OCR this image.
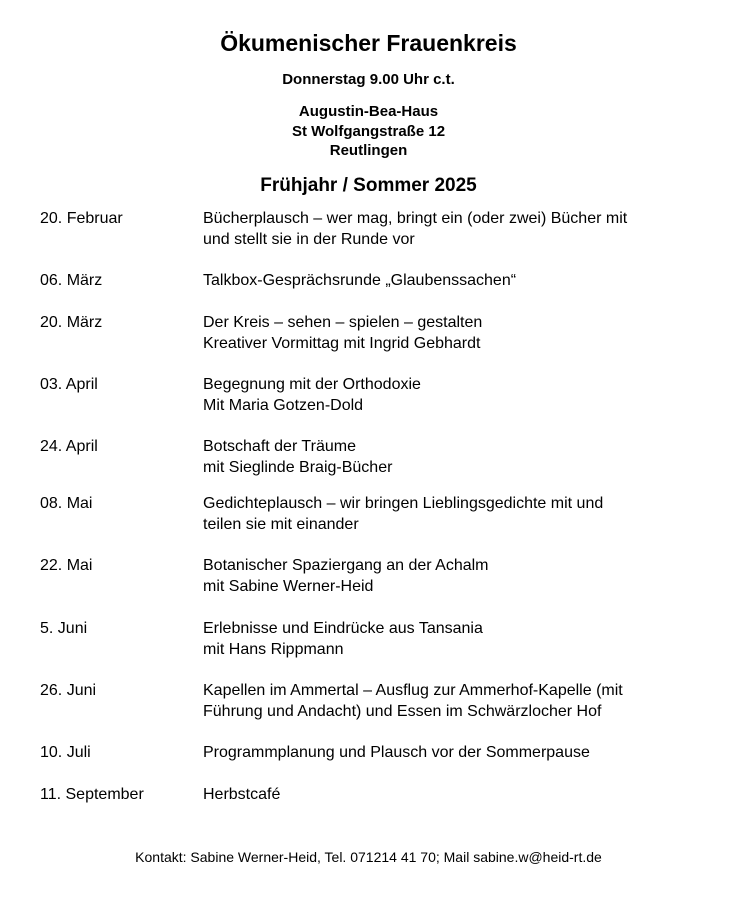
Ökumenischer Frauenkreis
Donnerstag 9.00 Uhr c.t.
Augustin-Bea-Haus
St Wolfgangstraße 12
Reutlingen
Frühjahr / Sommer 2025
20. Februar	Bücherplausch – wer mag, bringt ein (oder zwei) Bücher mit
und stellt sie in der Runde vor
06. März	Talkbox-Gesprächsrunde „Glaubenssachen“
20. März	Der Kreis – sehen – spielen – gestalten
Kreativer Vormittag mit Ingrid Gebhardt
03. April	Begegnung mit der Orthodoxie
Mit Maria Gotzen-Dold
24. April	Botschaft der Träume
mit Sieglinde Braig-Bücher
08. Mai	Gedichteplausch – wir bringen Lieblingsgedichte mit und
teilen sie mit einander
22. Mai	Botanischer Spaziergang an der Achalm
mit Sabine Werner-Heid
5. Juni	Erlebnisse und Eindrücke aus Tansania
mit Hans Rippmann
26. Juni	Kapellen im Ammertal – Ausflug zur Ammerhof-Kapelle (mit
Führung und Andacht) und Essen im Schwärzlocher Hof
10. Juli	Programmplanung und Plausch vor der Sommerpause
11. September	Herbstcafé
Kontakt: Sabine Werner-Heid, Tel. 071214 41 70; Mail sabine.w@heid-rt.de
